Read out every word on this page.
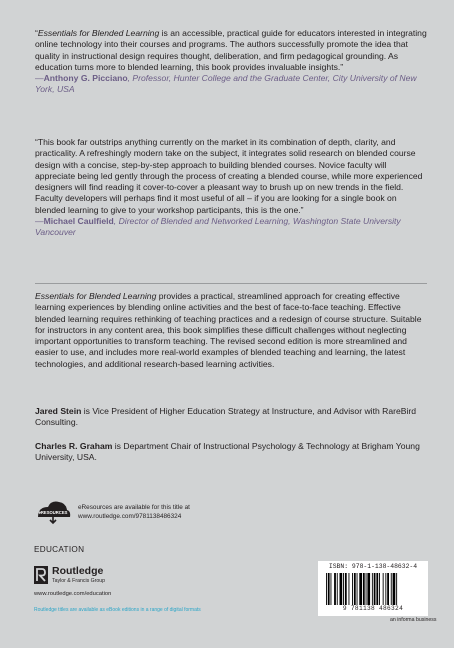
“Essentials for Blended Learning is an accessible, practical guide for educators interested in integrating online technology into their courses and programs. The authors successfully promote the idea that quality in instructional design requires thought, deliberation, and firm pedagogical grounding. As education turns more to blended learning, this book provides invaluable insights.”

—Anthony G. Picciano, Professor, Hunter College and the Graduate Center, City University of New York, USA

“This book far outstrips anything currently on the market in its combination of depth, clarity, and practicality. A refreshingly modern take on the subject, it integrates solid research on blended course design with a concise, step-by-step approach to building blended courses. Novice faculty will appreciate being led gently through the process of creating a blended course, while more experienced designers will find reading it cover-to-cover a pleasant way to brush up on new trends in the field. Faculty developers will perhaps find it most useful of all – if you are looking for a single book on blended learning to give to your workshop participants, this is the one.”

—Michael Caulfield, Director of Blended and Networked Learning, Washington State University Vancouver

Essentials for Blended Learning provides a practical, streamlined approach for creating effective learning experiences by blending online activities and the best of face-to-face teaching. Effective blended learning requires rethinking of teaching practices and a redesign of course structure. Suitable for instructors in any content area, this book simplifies these difficult challenges without neglecting important opportunities to transform teaching. The revised second edition is more streamlined and easier to use, and includes more real-world examples of blended teaching and learning, the latest technologies, and additional research-based learning activities.

Jared Stein is Vice President of Higher Education Strategy at Instructure, and Advisor with RareBird Consulting.

Charles R. Graham is Department Chair of Instructional Psychology & Technology at Brigham Young University, USA.

eRESOURCES
eResources are available for this title at
www.routledge.com/9781138486324
EDUCATION
Routledge
Taylor & Francis Group
www.routledge.com/education
Routledge titles are available as eBook editions in a range of digital formats
ISBN: 978-1-138-48632-4
9 781138 486324
an informa business
